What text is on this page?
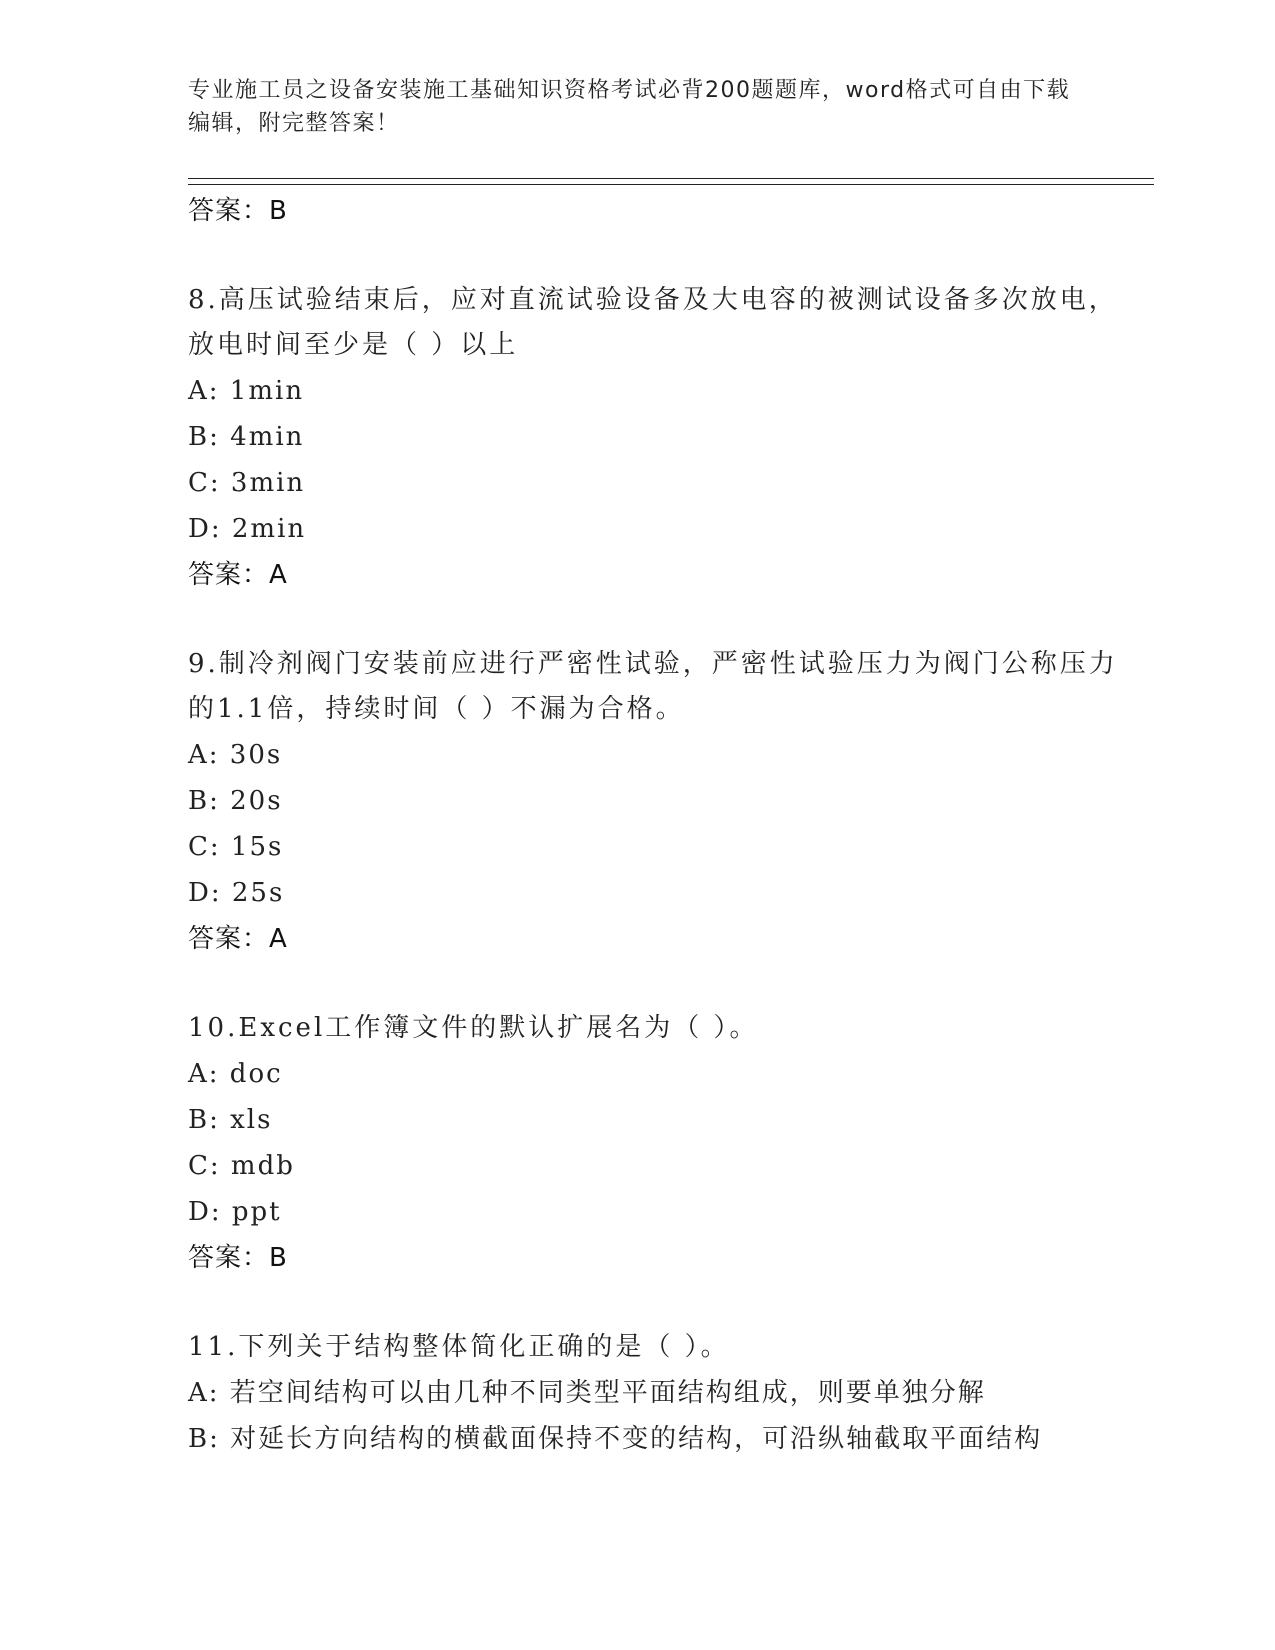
专业施工员之设备安装施工基础知识资格考试必背200题题库，word格式可自由下载编辑，附完整答案！
答案：B
8.高压试验结束后，应对直流试验设备及大电容的被测试设备多次放电，放电时间至少是（ ）以上
A: 1min
B: 4min
C: 3min
D: 2min
答案：A
9.制冷剂阀门安装前应进行严密性试验，严密性试验压力为阀门公称压力的1.1倍，持续时间（ ）不漏为合格。
A: 30s
B: 20s
C: 15s
D: 25s
答案：A
10.Excel工作簿文件的默认扩展名为（ ）。
A: doc
B: xls
C: mdb
D: ppt
答案：B
11.下列关于结构整体简化正确的是（ ）。
A: 若空间结构可以由几种不同类型平面结构组成，则要单独分解
B: 对延长方向结构的横截面保持不变的结构，可沿纵轴截取平面结构
